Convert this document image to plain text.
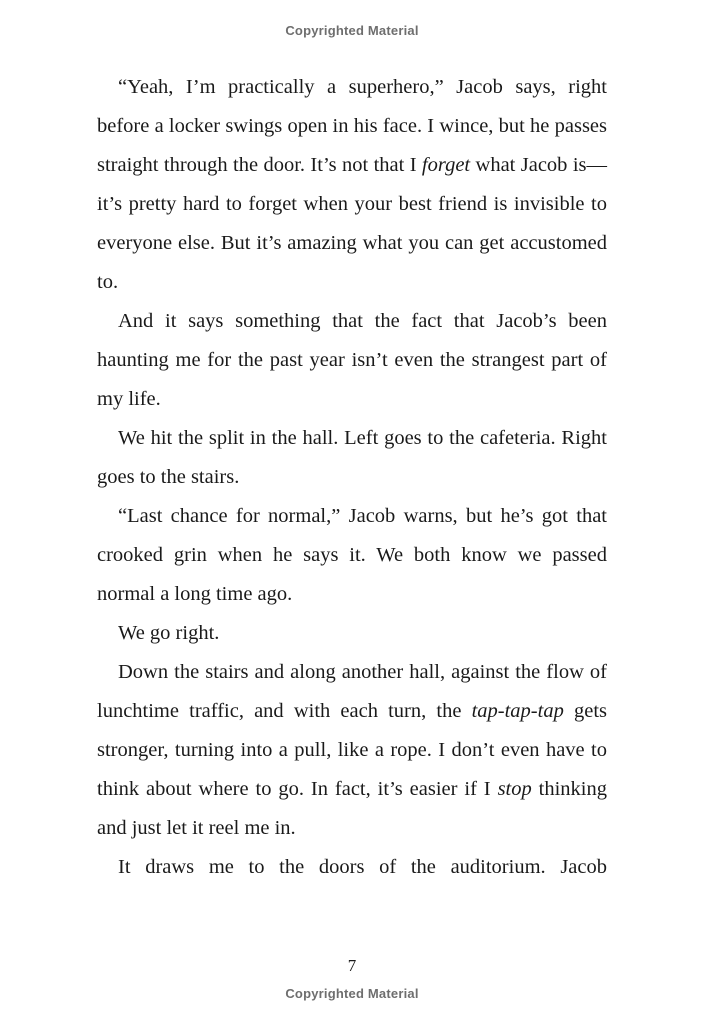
Copyrighted Material

“Yeah, I’m practically a superhero,” Jacob says, right before a locker swings open in his face. I wince, but he passes straight through the door. It’s not that I forget what Jacob is—it’s pretty hard to forget when your best friend is invisible to everyone else. But it’s amazing what you can get accustomed to.

And it says something that the fact that Jacob’s been haunting me for the past year isn’t even the strangest part of my life.

We hit the split in the hall. Left goes to the cafeteria. Right goes to the stairs.

“Last chance for normal,” Jacob warns, but he’s got that crooked grin when he says it. We both know we passed normal a long time ago.

We go right.

Down the stairs and along another hall, against the flow of lunchtime traffic, and with each turn, the tap-tap-tap gets stronger, turning into a pull, like a rope. I don’t even have to think about where to go. In fact, it’s easier if I stop thinking and just let it reel me in.

It draws me to the doors of the auditorium. Jacob

7
Copyrighted Material
